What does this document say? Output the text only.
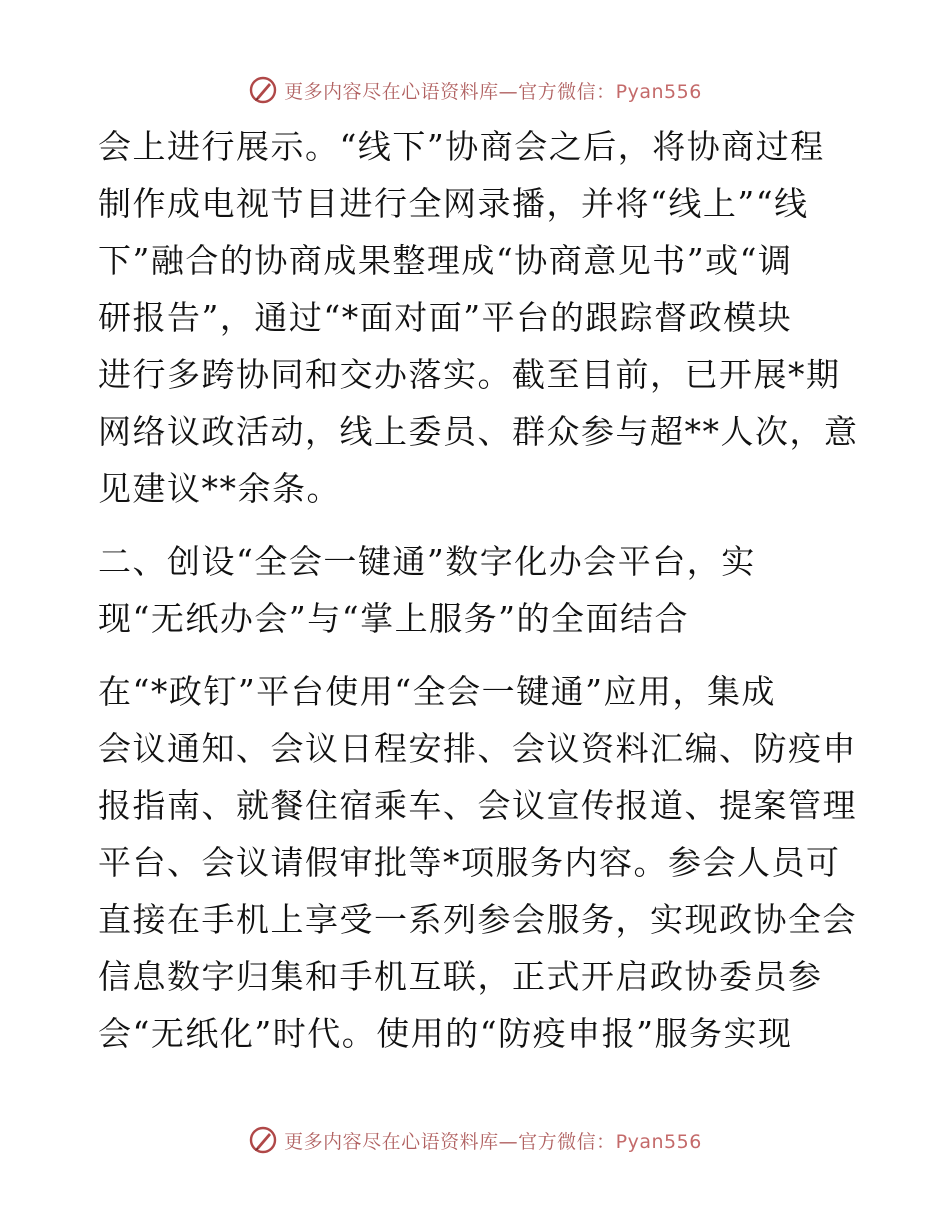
更多内容尽在心语资料库—官方微信：Pyan556
会上进行展示。“线下”协商会之后，将协商过程
制作成电视节目进行全网录播，并将“线上”“线
下”融合的协商成果整理成“协商意见书”或“调
研报告”，通过“*面对面”平台的跟踪督政模块
进行多跨协同和交办落实。截至目前，已开展*期
网络议政活动，线上委员、群众参与超**人次，意
见建议**余条。
二、创设“全会一键通”数字化办会平台，实
现“无纸办会”与“掌上服务”的全面结合
在“*政钉”平台使用“全会一键通”应用，集成
会议通知、会议日程安排、会议资料汇编、防疫申
报指南、就餐住宿乘车、会议宣传报道、提案管理
平台、会议请假审批等*项服务内容。参会人员可
直接在手机上享受一系列参会服务，实现政协全会
信息数字归集和手机互联，正式开启政协委员参
会“无纸化”时代。使用的“防疫申报”服务实现
更多内容尽在心语资料库—官方微信：Pyan556
